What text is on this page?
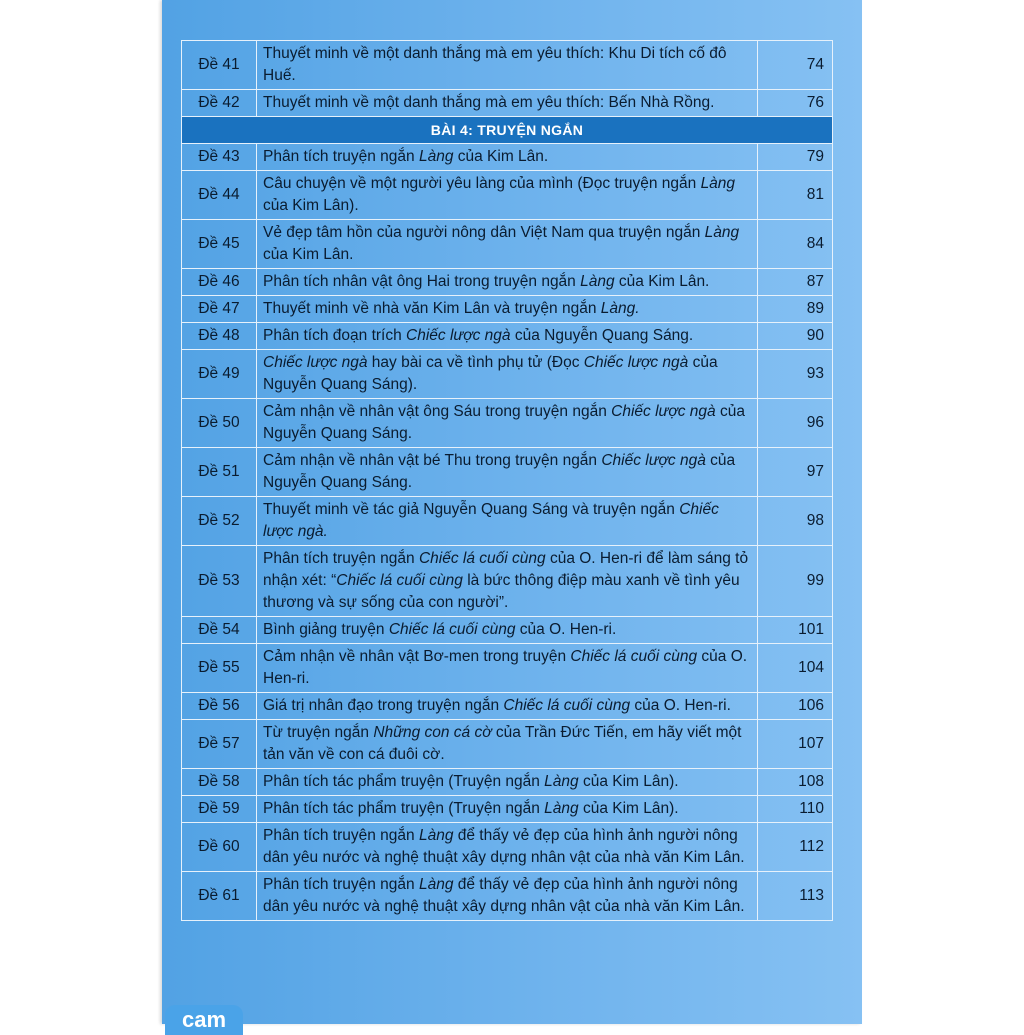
Đề 41	Thuyết minh về một danh thắng mà em yêu thích: Khu Di tích cố đô Huế.	74
Đề 42	Thuyết minh về một danh thắng mà em yêu thích: Bến Nhà Rồng.	76
BÀI 4: TRUYỆN NGẮN		
Đề 43	Phân tích truyện ngắn Làng của Kim Lân.	79
Đề 44	Câu chuyện về một người yêu làng của mình (Đọc truyện ngắn Làng của Kim Lân).	81
Đề 45	Vẻ đẹp tâm hồn của người nông dân Việt Nam qua truyện ngắn Làng của Kim Lân.	84
Đề 46	Phân tích nhân vật ông Hai trong truyện ngắn Làng của Kim Lân.	87
Đề 47	Thuyết minh về nhà văn Kim Lân và truyện ngắn Làng.	89
Đề 48	Phân tích đoạn trích Chiếc lược ngà của Nguyễn Quang Sáng.	90
Đề 49	Chiếc lược ngà hay bài ca về tình phụ tử (Đọc Chiếc lược ngà của Nguyễn Quang Sáng).	93
Đề 50	Cảm nhận về nhân vật ông Sáu trong truyện ngắn Chiếc lược ngà của Nguyễn Quang Sáng.	96
Đề 51	Cảm nhận về nhân vật bé Thu trong truyện ngắn Chiếc lược ngà của Nguyễn Quang Sáng.	97
Đề 52	Thuyết minh về tác giả Nguyễn Quang Sáng và truyện ngắn Chiếc lược ngà.	98
Đề 53	Phân tích truyện ngắn Chiếc lá cuối cùng của O. Hen-ri để làm sáng tỏ nhận xét: “Chiếc lá cuối cùng là bức thông điệp màu xanh về tình yêu thương và sự sống của con người”.	99
Đề 54	Bình giảng truyện Chiếc lá cuối cùng của O. Hen-ri.	101
Đề 55	Cảm nhận về nhân vật Bơ-men trong truyện Chiếc lá cuối cùng của O. Hen-ri.	104
Đề 56	Giá trị nhân đạo trong truyện ngắn Chiếc lá cuối cùng của O. Hen-ri.	106
Đề 57	Từ truyện ngắn Những con cá cờ của Trần Đức Tiến, em hãy viết một tản văn về con cá đuôi cờ.	107
Đề 58	Phân tích tác phẩm truyện (Truyện ngắn Làng của Kim Lân).	108
Đề 59	Phân tích tác phẩm truyện (Truyện ngắn Làng của Kim Lân).	110
Đề 60	Phân tích truyện ngắn Làng để thấy vẻ đẹp của hình ảnh người nông dân yêu nước và nghệ thuật xây dựng nhân vật của nhà văn Kim Lân.	112
Đề 61	Phân tích truyện ngắn Làng để thấy vẻ đẹp của hình ảnh người nông dân yêu nước và nghệ thuật xây dựng nhân vật của nhà văn Kim Lân.	113
cam
